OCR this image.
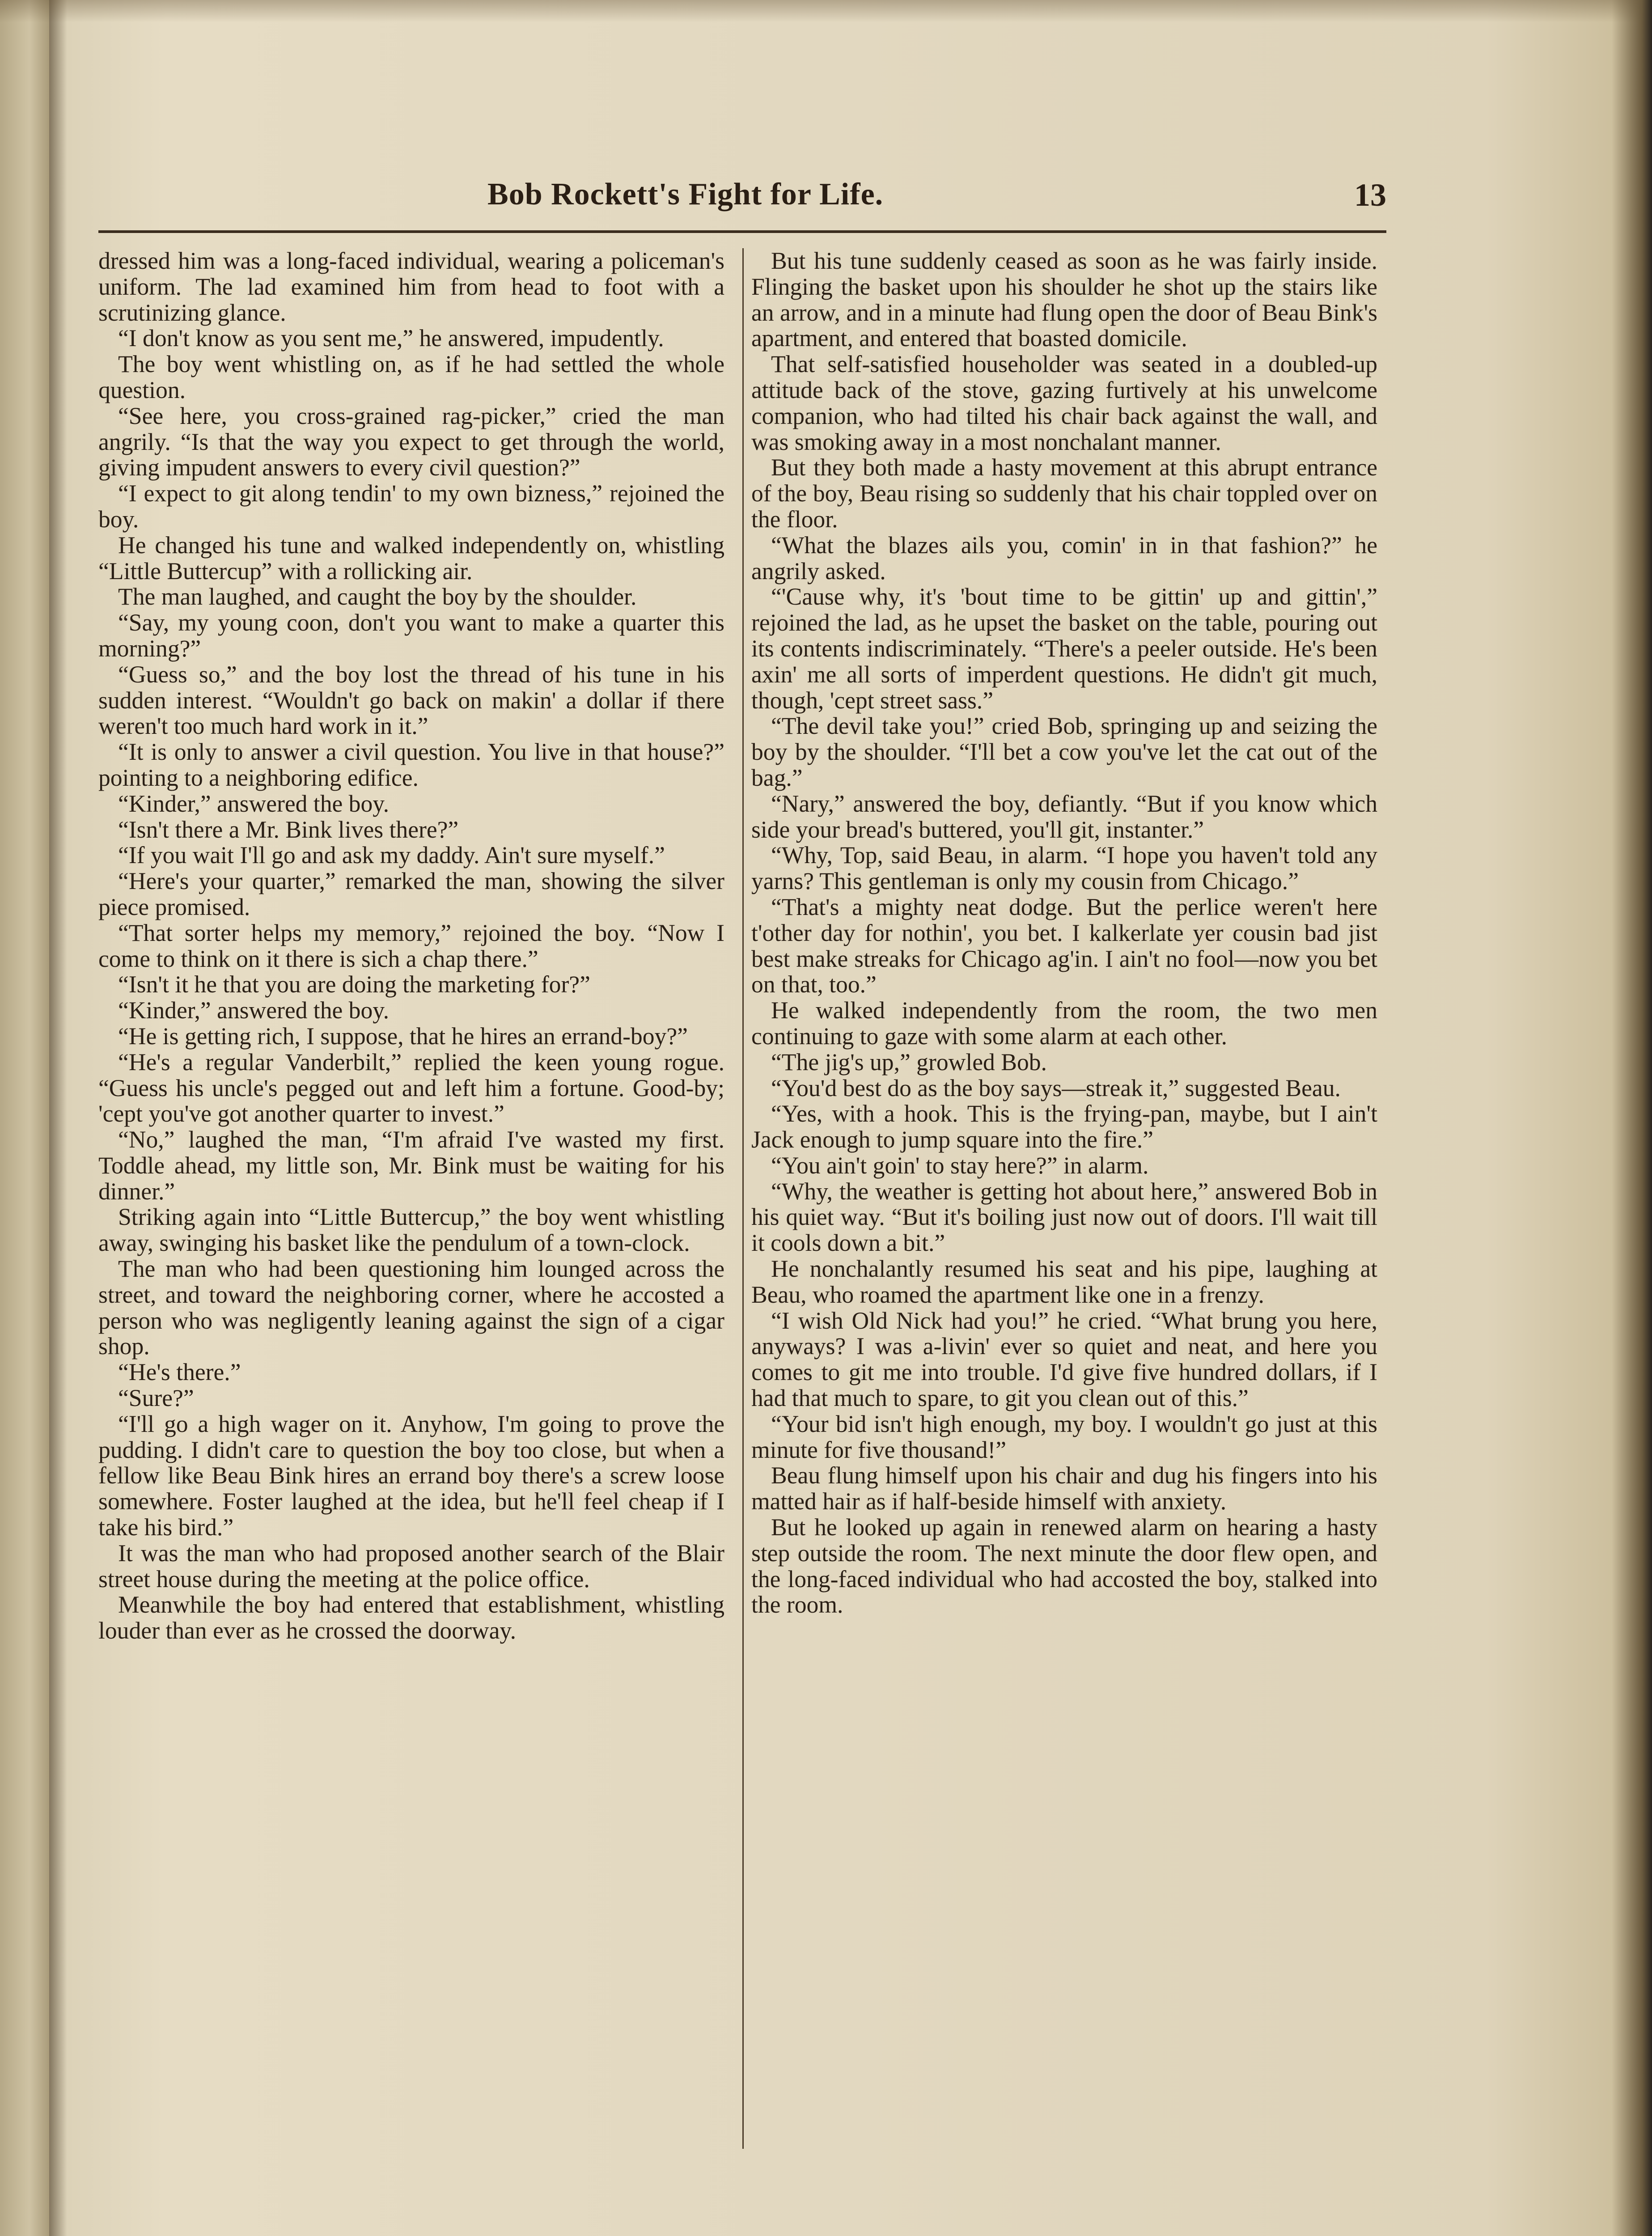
Bob Rockett's Fight for Life.	13

dressed him was a long-faced individual, wearing a policeman's uniform. The lad examined him from head to foot with a scrutinizing glance.

“I don't know as you sent me,” he answered, impudently.

The boy went whistling on, as if he had settled the whole question.

“See here, you cross-grained rag-picker,” cried the man angrily. “Is that the way you expect to get through the world, giving impudent answers to every civil question?”

“I expect to git along tendin' to my own bizness,” rejoined the boy.

He changed his tune and walked independently on, whistling “Little Buttercup” with a rollicking air.

The man laughed, and caught the boy by the shoulder.

“Say, my young coon, don't you want to make a quarter this morning?”

“Guess so,” and the boy lost the thread of his tune in his sudden interest. “Wouldn't go back on makin' a dollar if there weren't too much hard work in it.”

“It is only to answer a civil question. You live in that house?” pointing to a neighboring edifice.

“Kinder,” answered the boy.

“Isn't there a Mr. Bink lives there?”

“If you wait I'll go and ask my daddy. Ain't sure myself.”

“Here's your quarter,” remarked the man, showing the silver piece promised.

“That sorter helps my memory,” rejoined the boy. “Now I come to think on it there is sich a chap there.”

“Isn't it he that you are doing the marketing for?”

“Kinder,” answered the boy.

“He is getting rich, I suppose, that he hires an errand-boy?”

“He's a regular Vanderbilt,” replied the keen young rogue. “Guess his uncle's pegged out and left him a fortune. Good-by; 'cept you've got another quarter to invest.”

“No,” laughed the man, “I'm afraid I've wasted my first. Toddle ahead, my little son, Mr. Bink must be waiting for his dinner.”

Striking again into “Little Buttercup,” the boy went whistling away, swinging his basket like the pendulum of a town-clock.

The man who had been questioning him lounged across the street, and toward the neighboring corner, where he accosted a person who was negligently leaning against the sign of a cigar shop.

“He's there.”

“Sure?”

“I'll go a high wager on it. Anyhow, I'm going to prove the pudding. I didn't care to question the boy too close, but when a fellow like Beau Bink hires an errand boy there's a screw loose somewhere. Foster laughed at the idea, but he'll feel cheap if I take his bird.”

It was the man who had proposed another search of the Blair street house during the meeting at the police office.

Meanwhile the boy had entered that establishment, whistling louder than ever as he crossed the doorway.

But his tune suddenly ceased as soon as he was fairly inside. Flinging the basket upon his shoulder he shot up the stairs like an arrow, and in a minute had flung open the door of Beau Bink's apartment, and entered that boasted domicile.

That self-satisfied householder was seated in a doubled-up attitude back of the stove, gazing furtively at his unwelcome companion, who had tilted his chair back against the wall, and was smoking away in a most nonchalant manner.

But they both made a hasty movement at this abrupt entrance of the boy, Beau rising so suddenly that his chair toppled over on the floor.

“What the blazes ails you, comin' in in that fashion?” he angrily asked.

“'Cause why, it's 'bout time to be gittin' up and gittin',” rejoined the lad, as he upset the basket on the table, pouring out its contents indiscriminately. “There's a peeler outside. He's been axin' me all sorts of imperdent questions. He didn't git much, though, 'cept street sass.”

“The devil take you!” cried Bob, springing up and seizing the boy by the shoulder. “I'll bet a cow you've let the cat out of the bag.”

“Nary,” answered the boy, defiantly. “But if you know which side your bread's buttered, you'll git, instanter.”

“Why, Top, said Beau, in alarm. “I hope you haven't told any yarns? This gentleman is only my cousin from Chicago.”

“That's a mighty neat dodge. But the perlice weren't here t'other day for nothin', you bet. I kalkerlate yer cousin bad jist best make streaks for Chicago ag'in. I ain't no fool—now you bet on that, too.”

He walked independently from the room, the two men continuing to gaze with some alarm at each other.

“The jig's up,” growled Bob.

“You'd best do as the boy says—streak it,” suggested Beau.

“Yes, with a hook. This is the frying-pan, maybe, but I ain't Jack enough to jump square into the fire.”

“You ain't goin' to stay here?” in alarm.

“Why, the weather is getting hot about here,” answered Bob in his quiet way. “But it's boiling just now out of doors. I'll wait till it cools down a bit.”

He nonchalantly resumed his seat and his pipe, laughing at Beau, who roamed the apartment like one in a frenzy.

“I wish Old Nick had you!” he cried. “What brung you here, anyways? I was a-livin' ever so quiet and neat, and here you comes to git me into trouble. I'd give five hundred dollars, if I had that much to spare, to git you clean out of this.”

“Your bid isn't high enough, my boy. I wouldn't go just at this minute for five thousand!”

Beau flung himself upon his chair and dug his fingers into his matted hair as if half-beside himself with anxiety.

But he looked up again in renewed alarm on hearing a hasty step outside the room. The next minute the door flew open, and the long-faced individual who had accosted the boy, stalked into the room.
